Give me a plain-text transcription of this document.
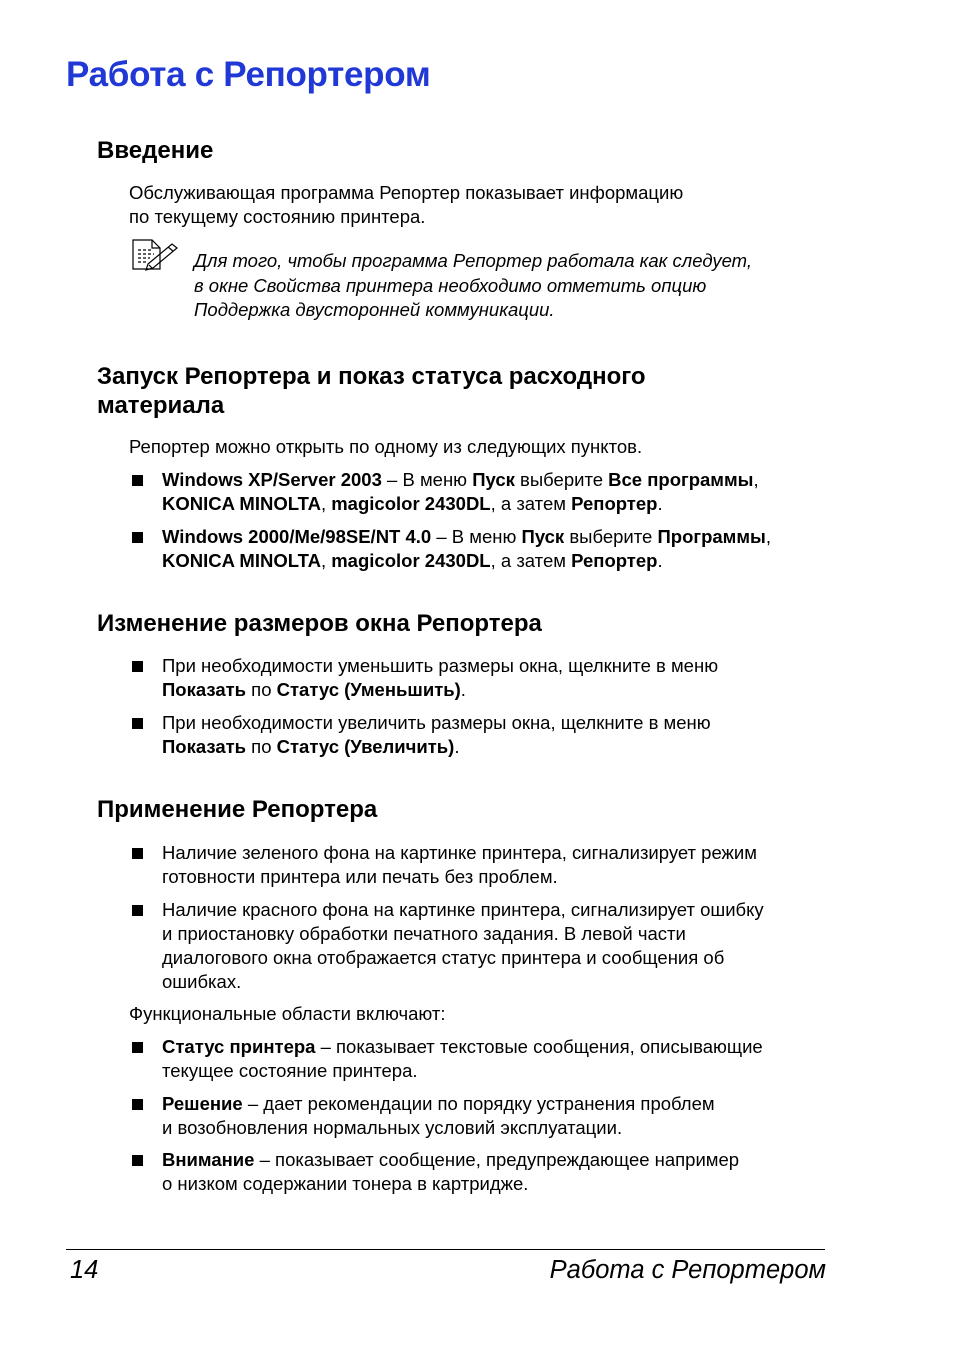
Работа с Репортером
Введение
Обслуживающая программа Репортер показывает информацию
по текущему состоянию принтера.
Для того, чтобы программа Репортер работала как следует,
в окне Свойства принтера необходимо отметить опцию
Поддержка двусторонней коммуникации.
Запуск Репортера и показ статуса расходного
материала
Репортер можно открыть по одному из следующих пунктов.
Windows XP/Server 2003 – В меню Пуск выберите Все программы,
KONICA MINOLTA, magicolor 2430DL, а затем Репортер.
Windows 2000/Me/98SE/NT 4.0 – В меню Пуск выберите Программы,
KONICA MINOLTA, magicolor 2430DL, а затем Репортер.
Изменение размеров окна Репортера
При необходимости уменьшить размеры окна, щелкните в меню
Показать по Статус (Уменьшить).
При необходимости увеличить размеры окна, щелкните в меню
Показать по Статус (Увеличить).
Применение Репортера
Наличие зеленого фона на картинке принтера, сигнализирует режим
готовности принтера или печать без проблем.
Наличие красного фона на картинке принтера, сигнализирует ошибку
и приостановку обработки печатного задания. В левой части
диалогового окна отображается статус принтера и сообщения об
ошибках.
Функциональные области включают:
Статус принтера – показывает текстовые сообщения, описывающие
текущее состояние принтера.
Решение – дает рекомендации по порядку устранения проблем
и возобновления нормальных условий эксплуатации.
Внимание – показывает сообщение, предупреждающее например
о низком содержании тонера в картридже.
14	Работа с Репортером
